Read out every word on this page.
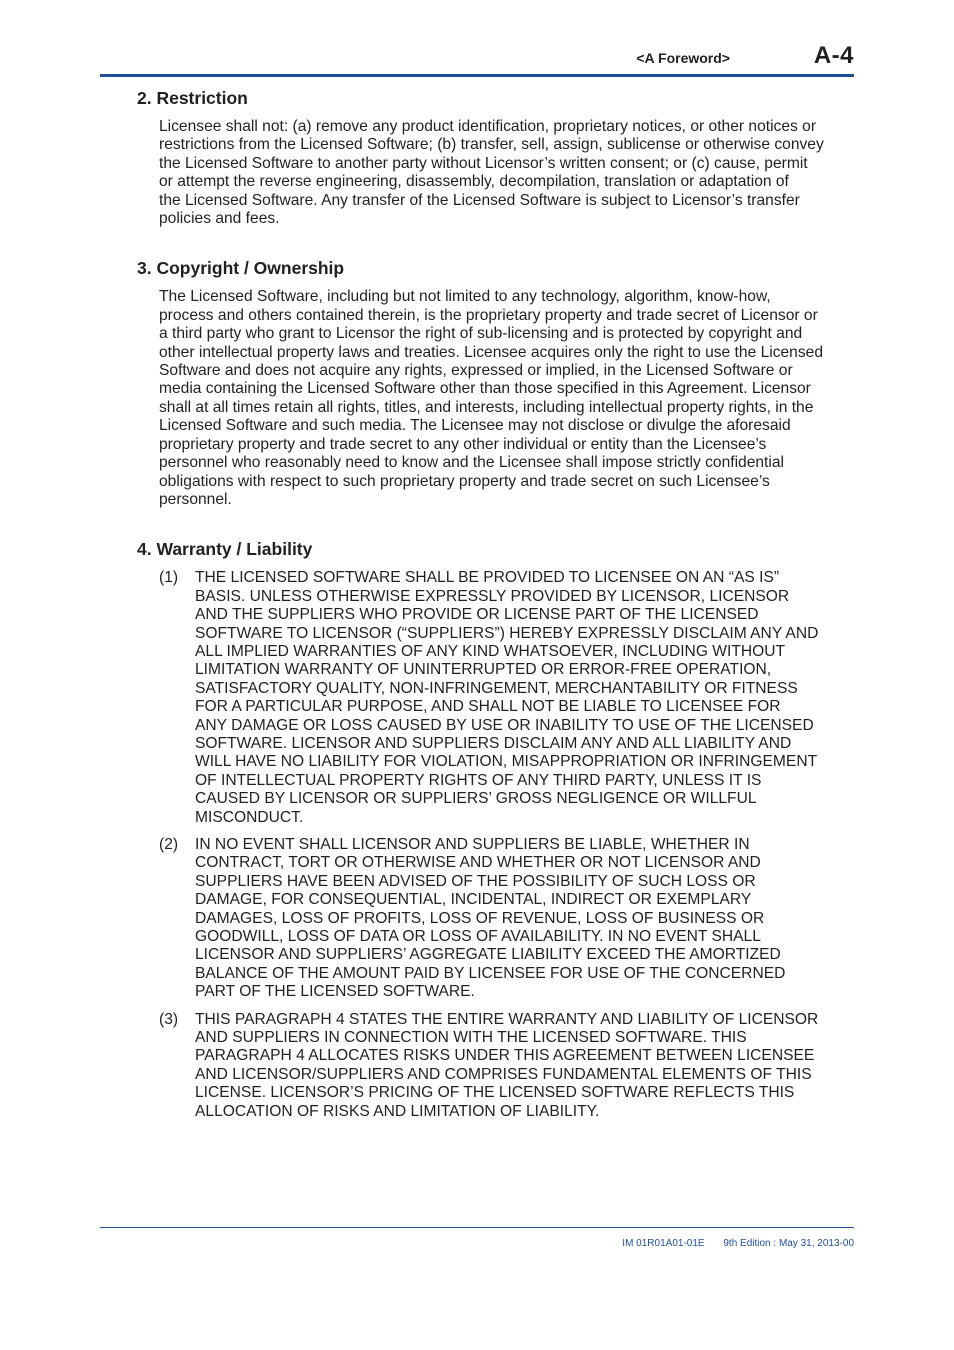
<A Foreword>	A-4
2. Restriction

Licensee shall not: (a) remove any product identification, proprietary notices, or other notices or
restrictions from the Licensed Software; (b) transfer, sell, assign, sublicense or otherwise convey
the Licensed Software to another party without Licensor’s written consent; or (c) cause, permit
or attempt the reverse engineering, disassembly, decompilation, translation or adaptation of
the Licensed Software. Any transfer of the Licensed Software is subject to Licensor’s transfer
policies and fees.

3. Copyright / Ownership

The Licensed Software, including but not limited to any technology, algorithm, know-how,
process and others contained therein, is the proprietary property and trade secret of Licensor or
a third party who grant to Licensor the right of sub-licensing and is protected by copyright and
other intellectual property laws and treaties. Licensee acquires only the right to use the Licensed
Software and does not acquire any rights, expressed or implied, in the Licensed Software or
media containing the Licensed Software other than those specified in this Agreement. Licensor
shall at all times retain all rights, titles, and interests, including intellectual property rights, in the
Licensed Software and such media. The Licensee may not disclose or divulge the aforesaid
proprietary property and trade secret to any other individual or entity than the Licensee’s
personnel who reasonably need to know and the Licensee shall impose strictly confidential
obligations with respect to such proprietary property and trade secret on such Licensee’s
personnel.

4. Warranty / Liability
(1)	THE LICENSED SOFTWARE SHALL BE PROVIDED TO LICENSEE ON AN “AS IS”
BASIS. UNLESS OTHERWISE EXPRESSLY PROVIDED BY LICENSOR, LICENSOR
AND THE SUPPLIERS WHO PROVIDE OR LICENSE PART OF THE LICENSED
SOFTWARE TO LICENSOR (“SUPPLIERS”) HEREBY EXPRESSLY DISCLAIM ANY AND
ALL IMPLIED WARRANTIES OF ANY KIND WHATSOEVER, INCLUDING WITHOUT
LIMITATION WARRANTY OF UNINTERRUPTED OR ERROR-FREE OPERATION,
SATISFACTORY QUALITY, NON-INFRINGEMENT, MERCHANTABILITY OR FITNESS
FOR A PARTICULAR PURPOSE, AND SHALL NOT BE LIABLE TO LICENSEE FOR
ANY DAMAGE OR LOSS CAUSED BY USE OR INABILITY TO USE OF THE LICENSED
SOFTWARE. LICENSOR AND SUPPLIERS DISCLAIM ANY AND ALL LIABILITY AND
WILL HAVE NO LIABILITY FOR VIOLATION, MISAPPROPRIATION OR INFRINGEMENT
OF INTELLECTUAL PROPERTY RIGHTS OF ANY THIRD PARTY, UNLESS IT IS
CAUSED BY LICENSOR OR SUPPLIERS’ GROSS NEGLIGENCE OR WILLFUL
MISCONDUCT.
(2)	IN NO EVENT SHALL LICENSOR AND SUPPLIERS BE LIABLE, WHETHER IN
CONTRACT, TORT OR OTHERWISE AND WHETHER OR NOT LICENSOR AND
SUPPLIERS HAVE BEEN ADVISED OF THE POSSIBILITY OF SUCH LOSS OR
DAMAGE, FOR CONSEQUENTIAL, INCIDENTAL, INDIRECT OR EXEMPLARY
DAMAGES, LOSS OF PROFITS, LOSS OF REVENUE, LOSS OF BUSINESS OR
GOODWILL, LOSS OF DATA OR LOSS OF AVAILABILITY. IN NO EVENT SHALL
LICENSOR AND SUPPLIERS’ AGGREGATE LIABILITY EXCEED THE AMORTIZED
BALANCE OF THE AMOUNT PAID BY LICENSEE FOR USE OF THE CONCERNED
PART OF THE LICENSED SOFTWARE.
(3)	THIS PARAGRAPH 4 STATES THE ENTIRE WARRANTY AND LIABILITY OF LICENSOR
AND SUPPLIERS IN CONNECTION WITH THE LICENSED SOFTWARE. THIS
PARAGRAPH 4 ALLOCATES RISKS UNDER THIS AGREEMENT BETWEEN LICENSEE
AND LICENSOR/SUPPLIERS AND COMPRISES FUNDAMENTAL ELEMENTS OF THIS
LICENSE. LICENSOR’S PRICING OF THE LICENSED SOFTWARE REFLECTS THIS
ALLOCATION OF RISKS AND LIMITATION OF LIABILITY.
IM 01R01A01-01E 9th Edition : May 31, 2013-00
